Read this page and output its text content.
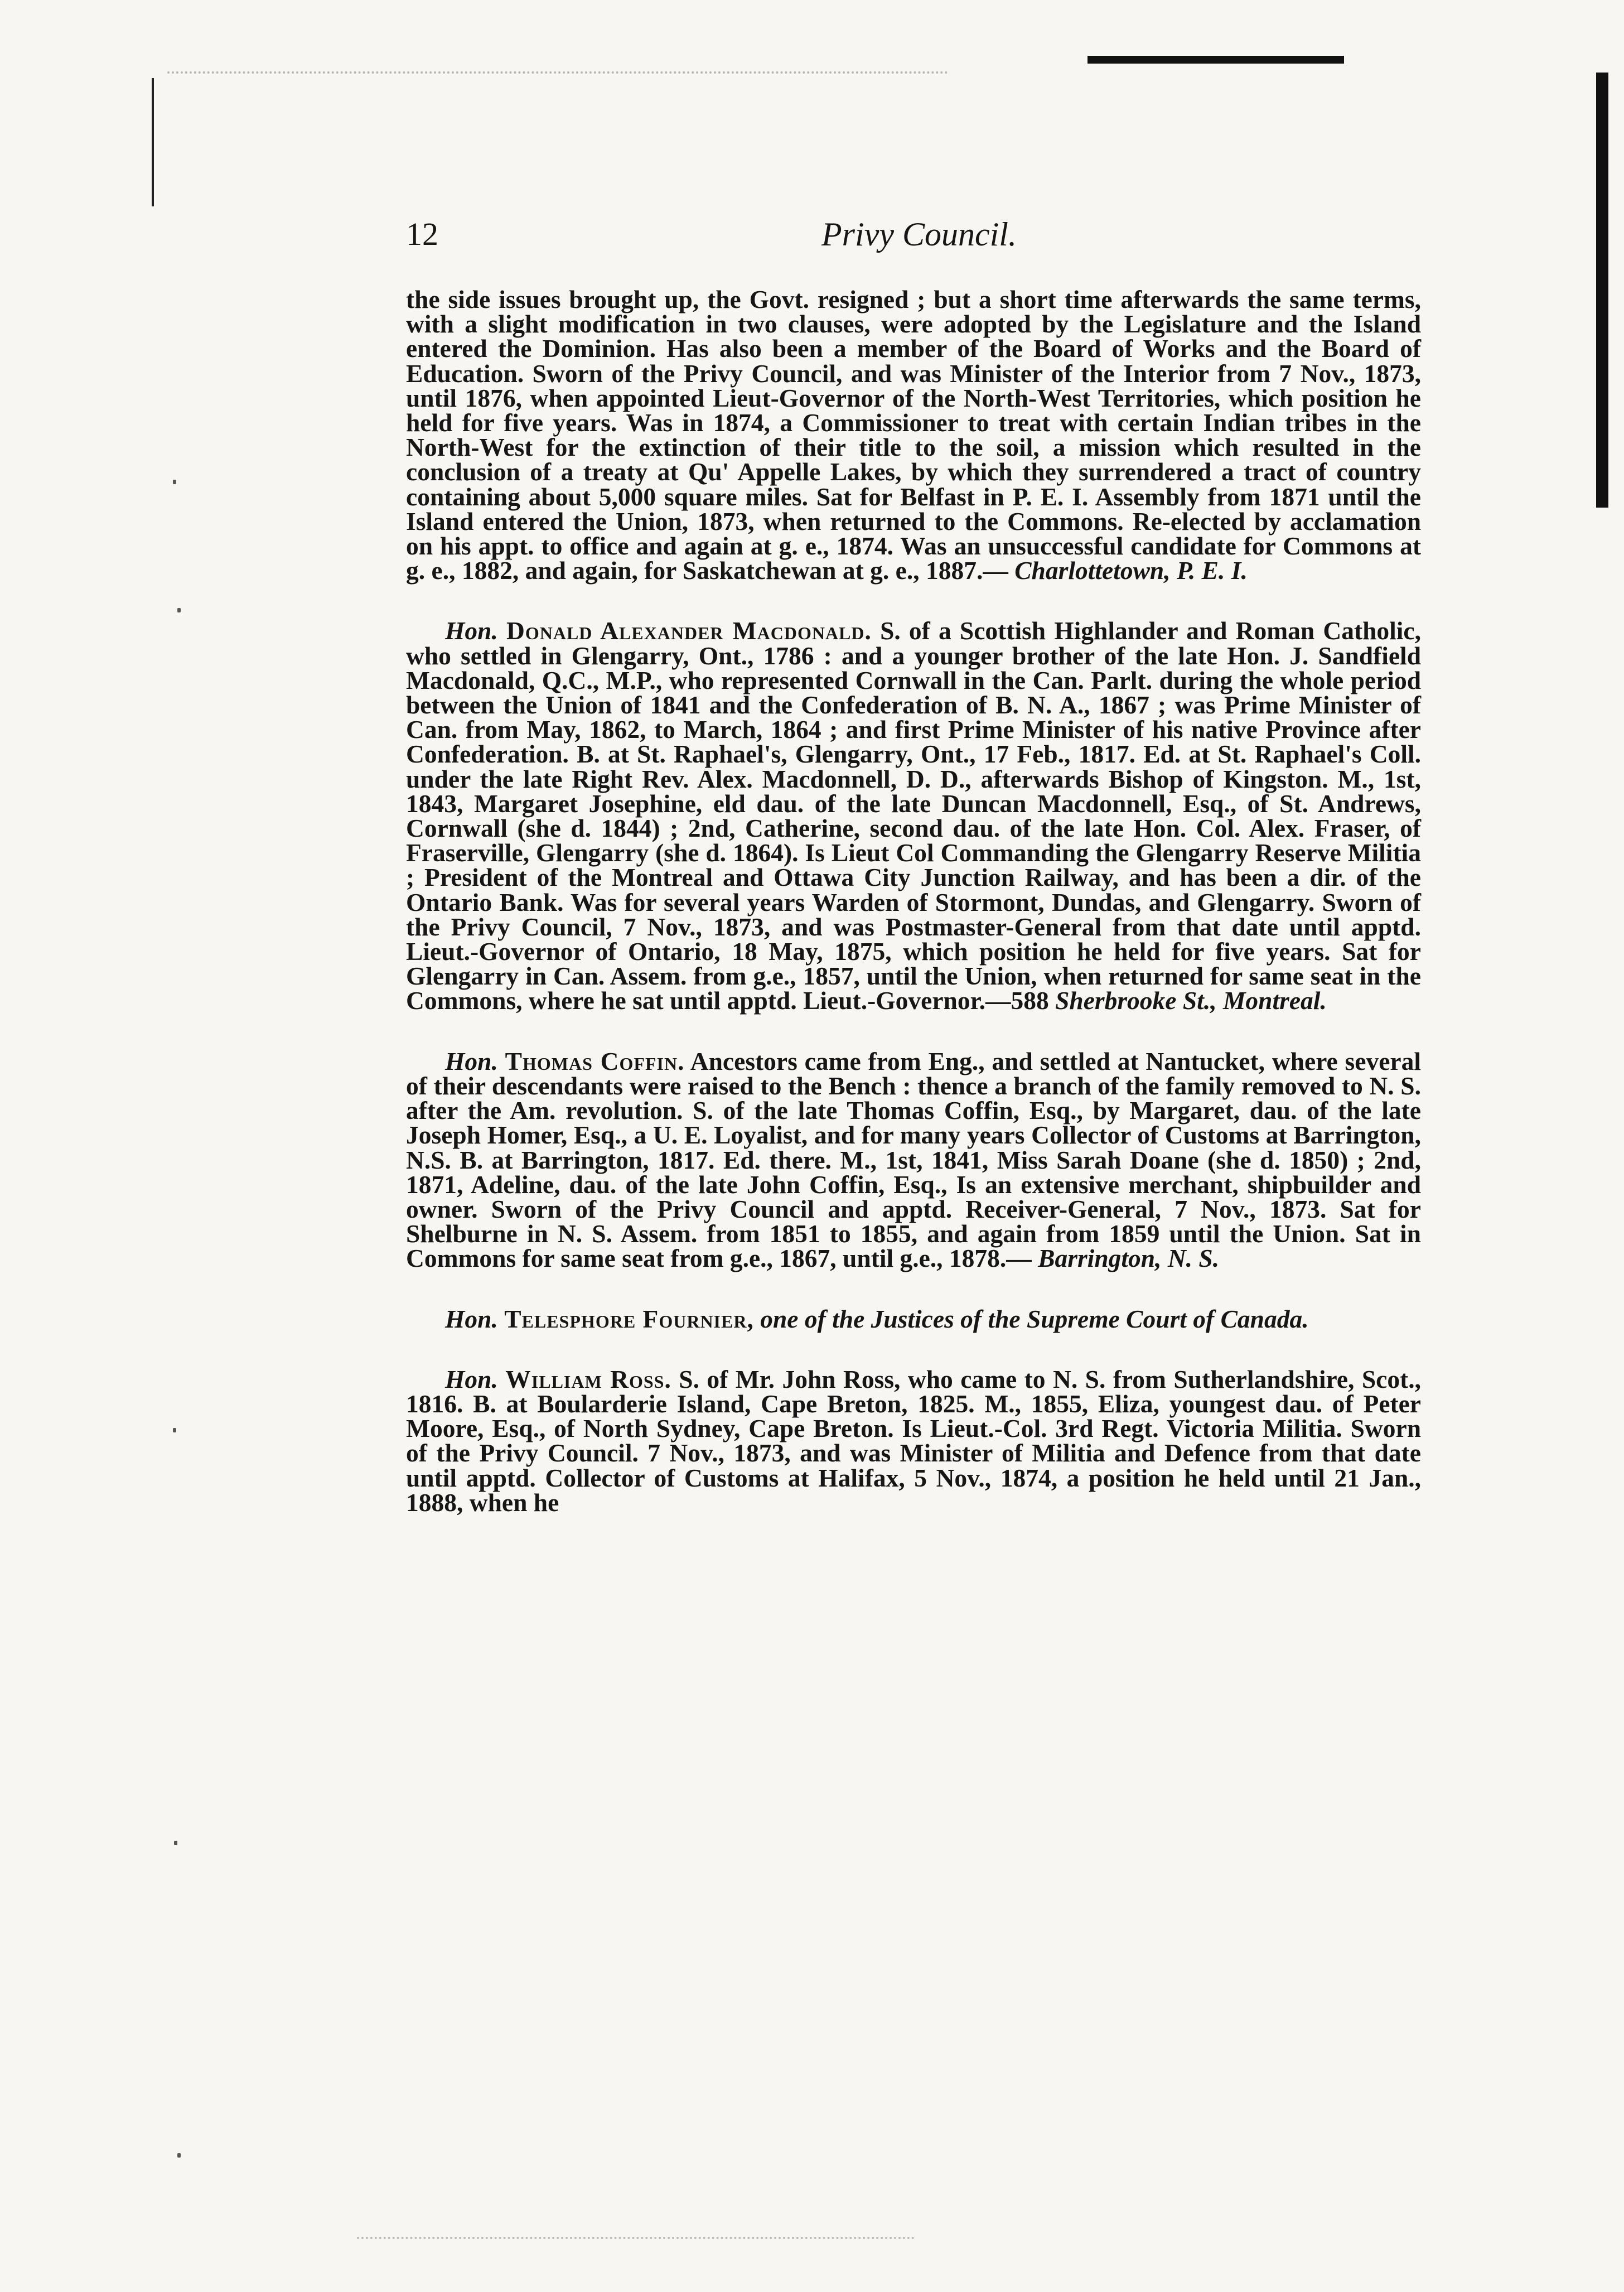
12	Privy Council.

the side issues brought up, the Govt. resigned ; but a short time afterwards the same terms, with a slight modification in two clauses, were adopted by the Legislature and the Island entered the Dominion. Has also been a member of the Board of Works and the Board of Education. Sworn of the Privy Council, and was Minister of the Interior from 7 Nov., 1873, until 1876, when appointed Lieut-Governor of the North-West Territories, which position he held for five years. Was in 1874, a Commissioner to treat with certain Indian tribes in the North-West for the extinction of their title to the soil, a mission which resulted in the conclusion of a treaty at Qu' Appelle Lakes, by which they surrendered a tract of country containing about 5,000 square miles. Sat for Belfast in P. E. I. Assembly from 1871 until the Island entered the Union, 1873, when returned to the Commons. Re-elected by acclamation on his appt. to office and again at g. e., 1874. Was an unsuccessful candidate for Commons at g. e., 1882, and again, for Saskatchewan at g. e., 1887.— Charlottetown, P. E. I.

Hon. Donald Alexander Macdonald. S. of a Scottish Highlander and Roman Catholic, who settled in Glengarry, Ont., 1786 : and a younger brother of the late Hon. J. Sandfield Macdonald, Q.C., M.P., who represented Cornwall in the Can. Parlt. during the whole period between the Union of 1841 and the Confederation of B. N. A., 1867 ; was Prime Minister of Can. from May, 1862, to March, 1864 ; and first Prime Minister of his native Province after Confederation. B. at St. Raphael's, Glengarry, Ont., 17 Feb., 1817. Ed. at St. Raphael's Coll. under the late Right Rev. Alex. Macdonnell, D. D., afterwards Bishop of Kingston. M., 1st, 1843, Margaret Josephine, eld dau. of the late Duncan Macdonnell, Esq., of St. Andrews, Cornwall (she d. 1844) ; 2nd, Catherine, second dau. of the late Hon. Col. Alex. Fraser, of Fraserville, Glengarry (she d. 1864). Is Lieut Col Commanding the Glengarry Reserve Militia ; President of the Montreal and Ottawa City Junction Railway, and has been a dir. of the Ontario Bank. Was for several years Warden of Stormont, Dundas, and Glengarry. Sworn of the Privy Council, 7 Nov., 1873, and was Postmaster-General from that date until apptd. Lieut.-Governor of Ontario, 18 May, 1875, which position he held for five years. Sat for Glengarry in Can. Assem. from g.e., 1857, until the Union, when returned for same seat in the Commons, where he sat until apptd. Lieut.-Governor.—588 Sherbrooke St., Montreal.

Hon. Thomas Coffin. Ancestors came from Eng., and settled at Nantucket, where several of their descendants were raised to the Bench : thence a branch of the family removed to N. S. after the Am. revolution. S. of the late Thomas Coffin, Esq., by Margaret, dau. of the late Joseph Homer, Esq., a U. E. Loyalist, and for many years Collector of Customs at Barrington, N.S. B. at Barrington, 1817. Ed. there. M., 1st, 1841, Miss Sarah Doane (she d. 1850) ; 2nd, 1871, Adeline, dau. of the late John Coffin, Esq., Is an extensive merchant, shipbuilder and owner. Sworn of the Privy Council and apptd. Receiver-General, 7 Nov., 1873. Sat for Shelburne in N. S. Assem. from 1851 to 1855, and again from 1859 until the Union. Sat in Commons for same seat from g.e., 1867, until g.e., 1878.— Barrington, N. S.

Hon. Telesphore Fournier, one of the Justices of the Supreme Court of Canada.

Hon. William Ross. S. of Mr. John Ross, who came to N. S. from Sutherlandshire, Scot., 1816. B. at Boularderie Island, Cape Breton, 1825. M., 1855, Eliza, youngest dau. of Peter Moore, Esq., of North Sydney, Cape Breton. Is Lieut.-Col. 3rd Regt. Victoria Militia. Sworn of the Privy Council. 7 Nov., 1873, and was Minister of Militia and Defence from that date until apptd. Collector of Customs at Halifax, 5 Nov., 1874, a position he held until 21 Jan., 1888, when he
